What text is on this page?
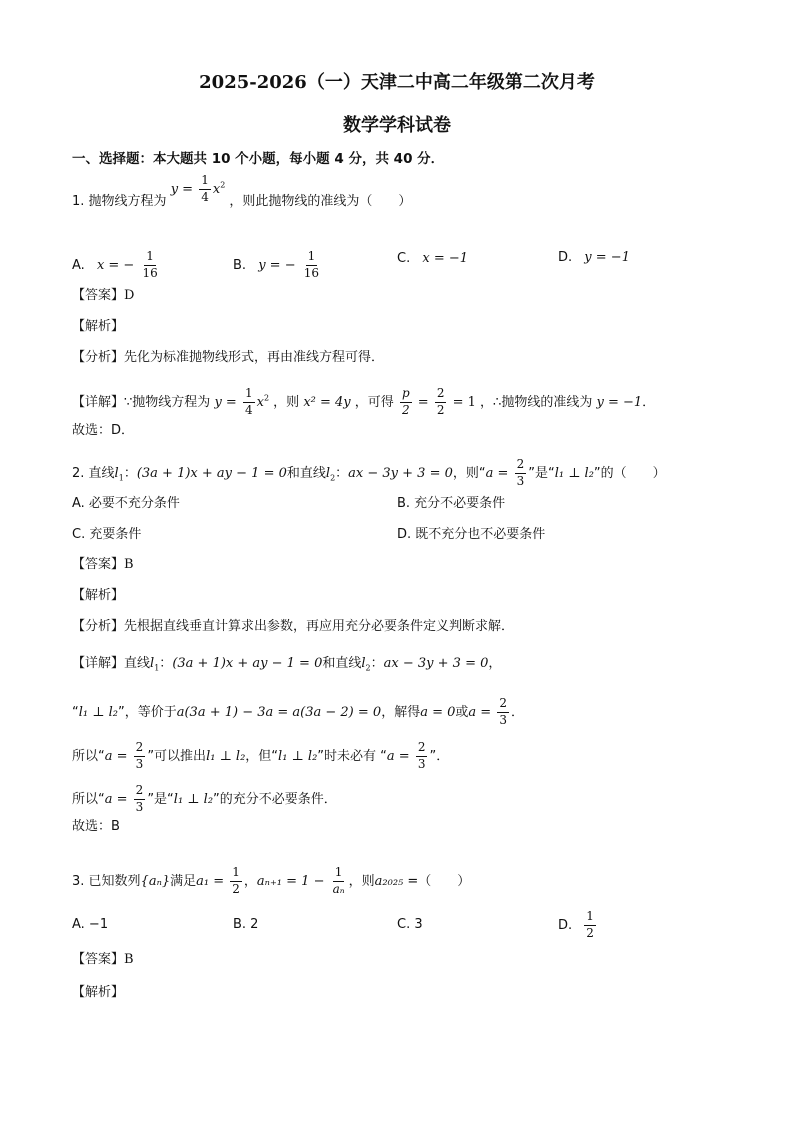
2025-2026（一）天津二中高二年级第二次月考
数学学科试卷
一、选择题：本大题共 10 个小题，每小题 4 分，共 40 分．
1. 抛物线方程为 $y = \frac{1}{4} x^2$ ，则此抛物线的准线为（　　）
A. x = − $\frac{1}{16}$	B. y = − $\frac{1}{16}$	C. x = −1	D. y = −1
【答案】D
【解析】
【分析】先化为标准抛物线形式，再由准线方程可得．
【详解】∵抛物线方程为 $y = \frac{1}{4} x^2$ ，则 x² = 4y ，可得 $\frac{p}{2} = \frac{2}{2} = 1$ ，∴抛物线的准线为 y = −1．
故选：D．
2. 直线$l_1$：(3a + 1)x + ay − 1 = 0和直线$l_2$：ax − 3y + 3 = 0，则“$a = \frac{2}{3}$ ”是“l₁ ⊥ l₂”的（　　）
A. 必要不充分条件	B. 充分不必要条件
C. 充要条件	D. 既不充分也不必要条件
【答案】B
【解析】
【分析】先根据直线垂直计算求出参数，再应用充分必要条件定义判断求解．
【详解】直线$l_1$：(3a + 1)x + ay − 1 = 0和直线$l_2$：ax − 3y + 3 = 0，
“l₁ ⊥ l₂”，等价于a(3a + 1) − 3a = a(3a − 2) = 0，解得a = 0或$a = \frac{2}{3}$ ．
所以“$a = \frac{2}{3}$ ”可以推出l₁ ⊥ l₂，但“l₁ ⊥ l₂”时未必有 “$a = \frac{2}{3}$ ”．
所以“$a = \frac{2}{3}$ ”是“l₁ ⊥ l₂”的充分不必要条件．
故选：B
3. 已知数列{aₙ}满足$a_1 = \frac{1}{2}$ ，$a_{n+1} = 1 - \frac{1}{\text{aₙ}}$ ，则a₂₀₂₅ =（　　）
A. −1	B. 2	C. 3	D. $\frac{1}{2}$
【答案】B
【解析】
